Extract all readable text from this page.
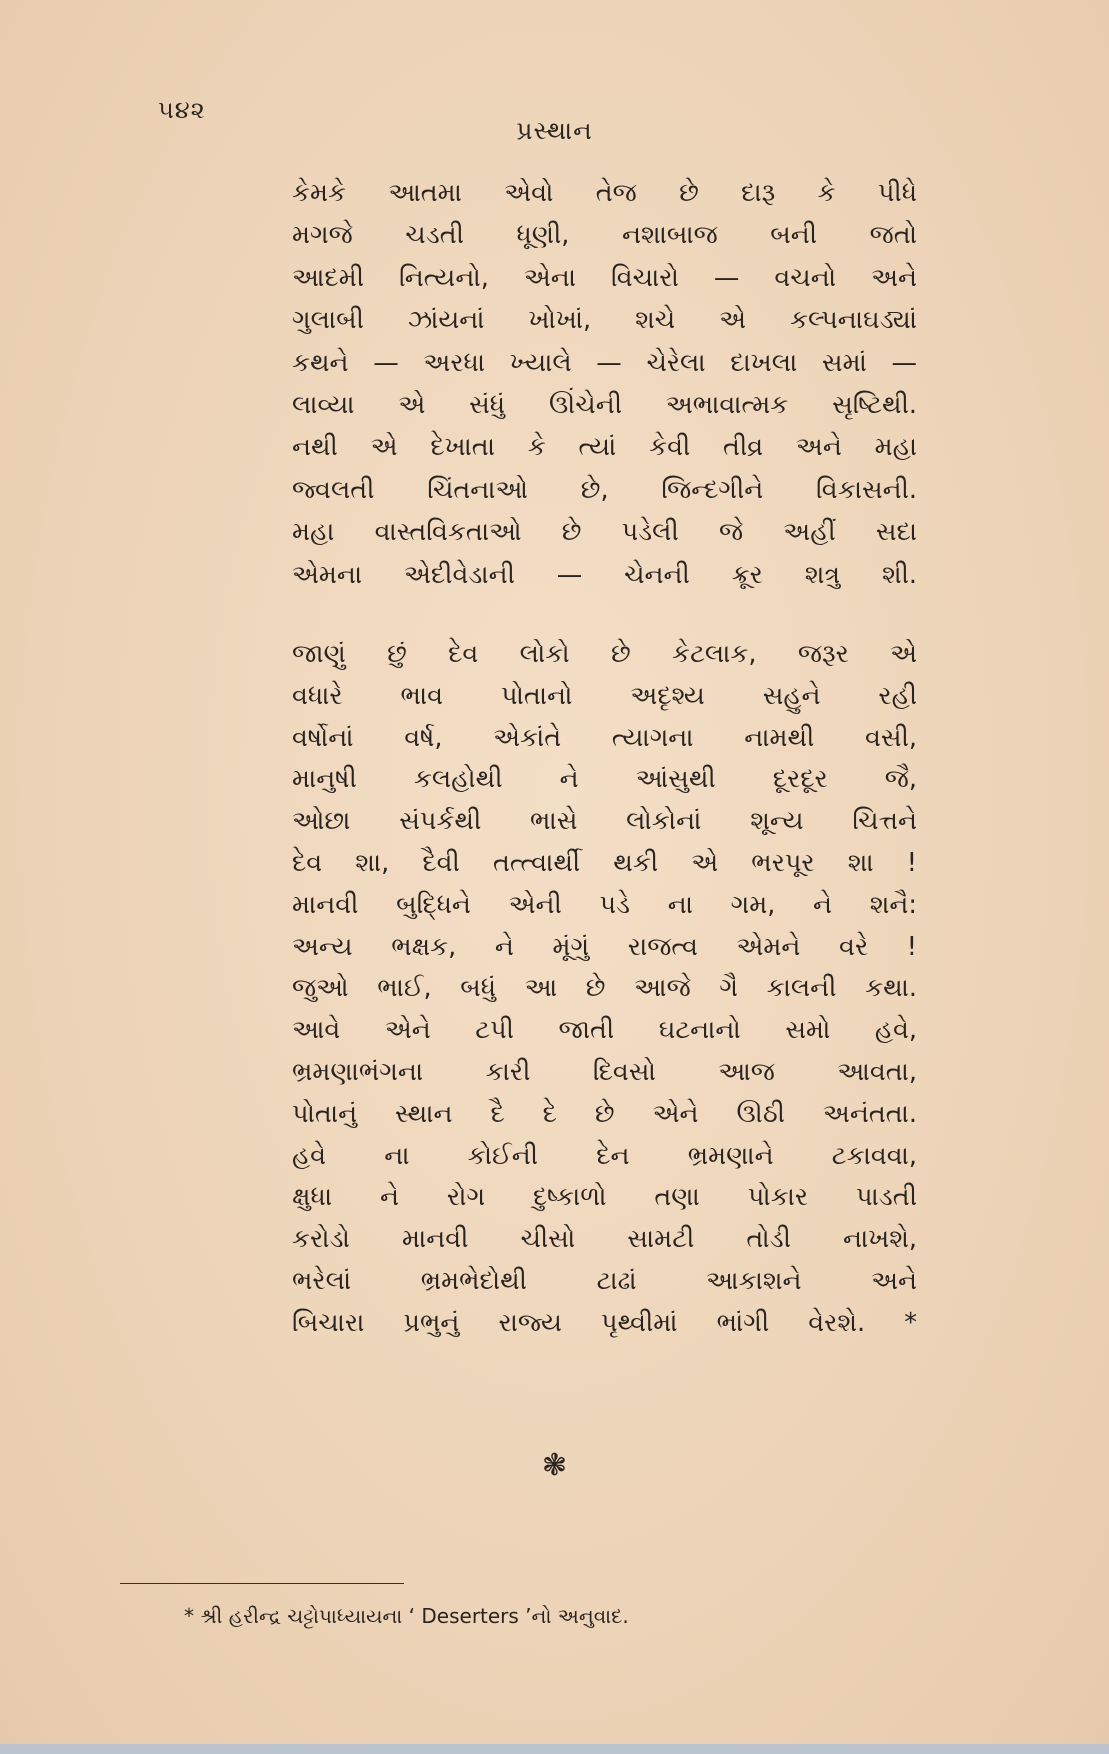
૫૪૨
પ્રસ્થાન
કેમકે આતમા એવો તેજ છે દારૂ કે પીધે
મગજે ચડતી ધૂણી, નશાબાજ બની જતો
આદમી નિત્યનો, એના વિચારો — વચનો અને
ગુલાબી ઝાંયનાં ખોખાં, શચે એ કલ્પનાઘડ્યાં
કથને — અરધા ખ્યાલે — ચેરેલા દાખલા સમાં —
લાવ્યા એ સંધું ઊંચેની અભાવાત્મક સૃષ્ટિથી.
નથી એ દેખાતા કે ત્યાં કેવી તીવ્ર અને મહા
જ્વલતી ચિંતનાઓ છે, જિન્દગીને વિકાસની.
મહા વાસ્તવિકતાઓ છે પડેલી જે અહીં સદા
એમના એદીવેડાની — ચેનની ક્રૂર શત્રુ શી.
જાણું છું દેવ લોકો છે કેટલાક, જરૂર એ
વધારે ભાવ પોતાનો અદૃશ્ય સહુને રહી
વર્ષોનાં વર્ષ, એકાંતે ત્યાગના નામથી વસી,
માનુષી કલહોથી ને આંસુથી દૂરદૂર જૈ,
ઓછા સંપર્કથી ભાસે લોકોનાં શૂન્ય ચિત્તને
દેવ શા, દૈવી તત્ત્વાર્થી થકી એ ભરપૂર શા !
માનવી બુદ્ધિને એની પડે ના ગમ, ને શનૈ:
અન્ય ભક્ષક, ને મૂંગું રાજત્વ એમને વરે !
જુઓ ભાઈ, બધું આ છે આજે ગૈ કાલની કથા.
આવે એને ટપી જાતી ઘટનાનો સમો હવે,
ભ્રમણાભંગના કારી દિવસો આજ આવતા,
પોતાનું સ્થાન દૈ દે છે એને ઊઠી અનંતતા.
હવે ના કોઈની દેન ભ્રમણાને ટકાવવા,
ક્ષુધા ને રોગ દુષ્કાળો તણા પોકાર પાડતી
કરોડો માનવી ચીસો સામટી તોડી નાખશે,
ભરેલાં ભ્રમભેદોથી ટાઢાં આકાશને અને
બિચારા પ્રભુનું રાજ્ય પૃથ્વીમાં ભાંગી વેરશે. *
❃
* શ્રી હરીન્દ્ર ચટ્ટોપાધ્યાયના ‘ Deserters ’નો અનુવાદ.
